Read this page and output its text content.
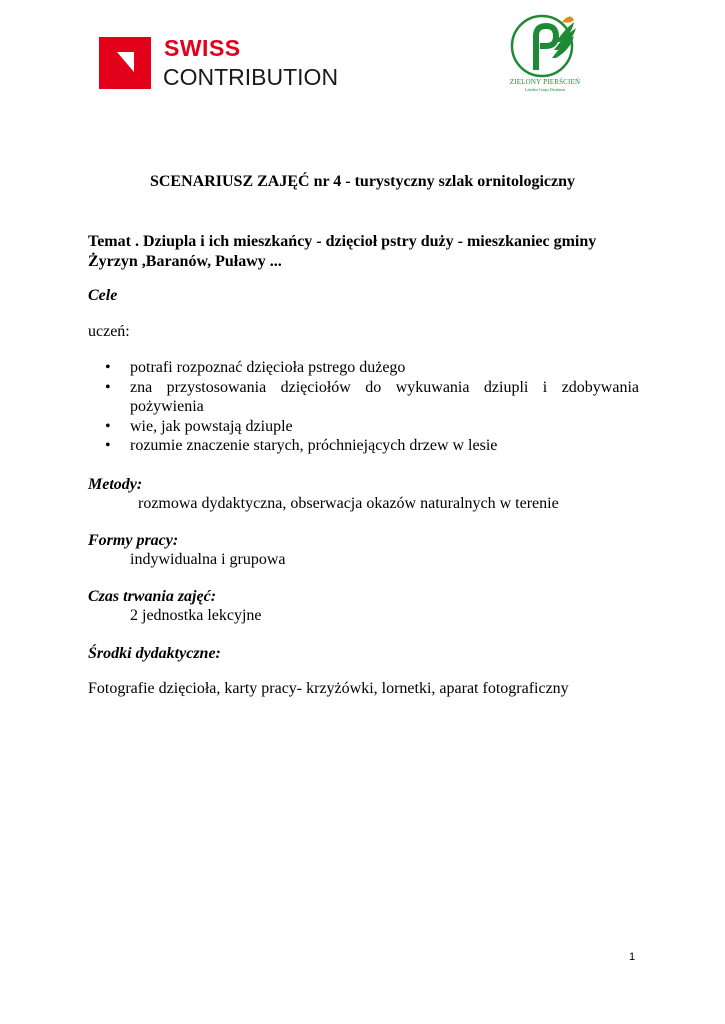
SWISS
CONTRIBUTION	ZIELONY PIERŚCIEŃ
Lokalna Grupa Działania
SCENARIUSZ ZAJĘĆ nr 4 - turystyczny szlak ornitologiczny
Temat . Dziupla i ich mieszkańcy - dzięcioł pstry duży - mieszkaniec gminy Żyrzyn ,Baranów, Puławy ...
Cele
uczeń:
• potrafi rozpoznać dzięcioła pstrego dużego
• zna przystosowania dzięciołów do wykuwania dziupli i zdobywania pożywienia
• wie, jak powstają dziuple
• rozumie znaczenie starych, próchniejących drzew w lesie
Metody:
rozmowa dydaktyczna, obserwacja okazów naturalnych w terenie
Formy pracy:
indywidualna i grupowa
Czas trwania zajęć:
2 jednostka lekcyjne
Środki dydaktyczne:
Fotografie dzięcioła, karty pracy- krzyżówki, lornetki, aparat fotograficzny
1
